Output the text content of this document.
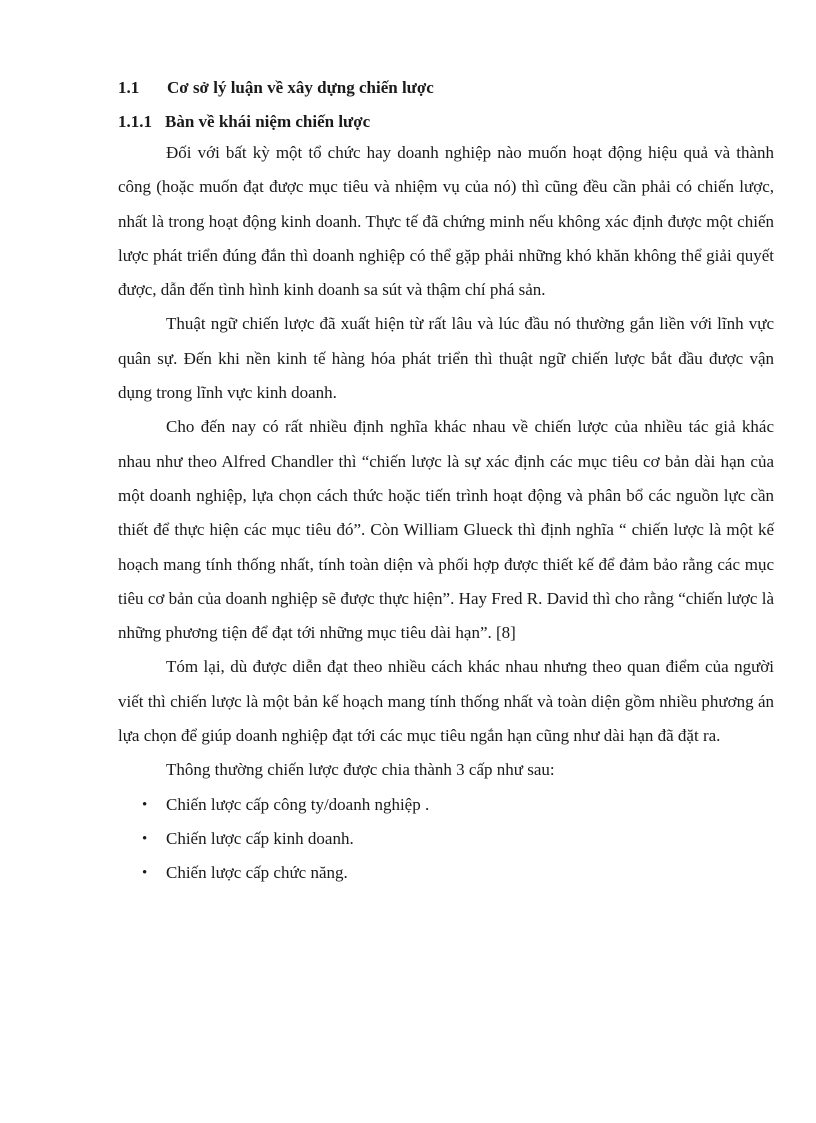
1.1	Cơ sở lý luận về xây dựng chiến lược
1.1.1 Bàn về khái niệm chiến lược

Đối với bất kỳ một tổ chức hay doanh nghiệp nào muốn hoạt động hiệu quả và thành công (hoặc muốn đạt được mục tiêu và nhiệm vụ của nó) thì cũng đều cần phải có chiến lược, nhất là trong hoạt động kinh doanh. Thực tế đã chứng minh nếu không xác định được một chiến lược phát triển đúng đắn thì doanh nghiệp có thể gặp phải những khó khăn không thể giải quyết được, dẫn đến tình hình kinh doanh sa sút và thậm chí phá sản.

Thuật ngữ chiến lược đã xuất hiện từ rất lâu và lúc đầu nó thường gắn liền với lĩnh vực quân sự. Đến khi nền kinh tế hàng hóa phát triển thì thuật ngữ chiến lược bắt đầu được vận dụng trong lĩnh vực kinh doanh.

Cho đến nay có rất nhiều định nghĩa khác nhau về chiến lược của nhiều tác giả khác nhau như theo Alfred Chandler thì “chiến lược là sự xác định các mục tiêu cơ bản dài hạn của một doanh nghiệp, lựa chọn cách thức hoặc tiến trình hoạt động và phân bổ các nguồn lực cần thiết để thực hiện các mục tiêu đó”. Còn William Glueck thì định nghĩa “ chiến lược là một kế hoạch mang tính thống nhất, tính toàn diện và phối hợp được thiết kế để đảm bảo rằng các mục tiêu cơ bản của doanh nghiệp sẽ được thực hiện”. Hay Fred R. David thì cho rằng “chiến lược là những phương tiện để đạt tới những mục tiêu dài hạn”. [8]

Tóm lại, dù được diễn đạt theo nhiều cách khác nhau nhưng theo quan điểm của người viết thì chiến lược là một bản kế hoạch mang tính thống nhất và toàn diện gồm nhiều phương án lựa chọn để giúp doanh nghiệp đạt tới các mục tiêu ngắn hạn cũng như dài hạn đã đặt ra.

Thông thường chiến lược được chia thành 3 cấp như sau:

• Chiến lược cấp công ty/doanh nghiệp .
• Chiến lược cấp kinh doanh.
• Chiến lược cấp chức năng.
